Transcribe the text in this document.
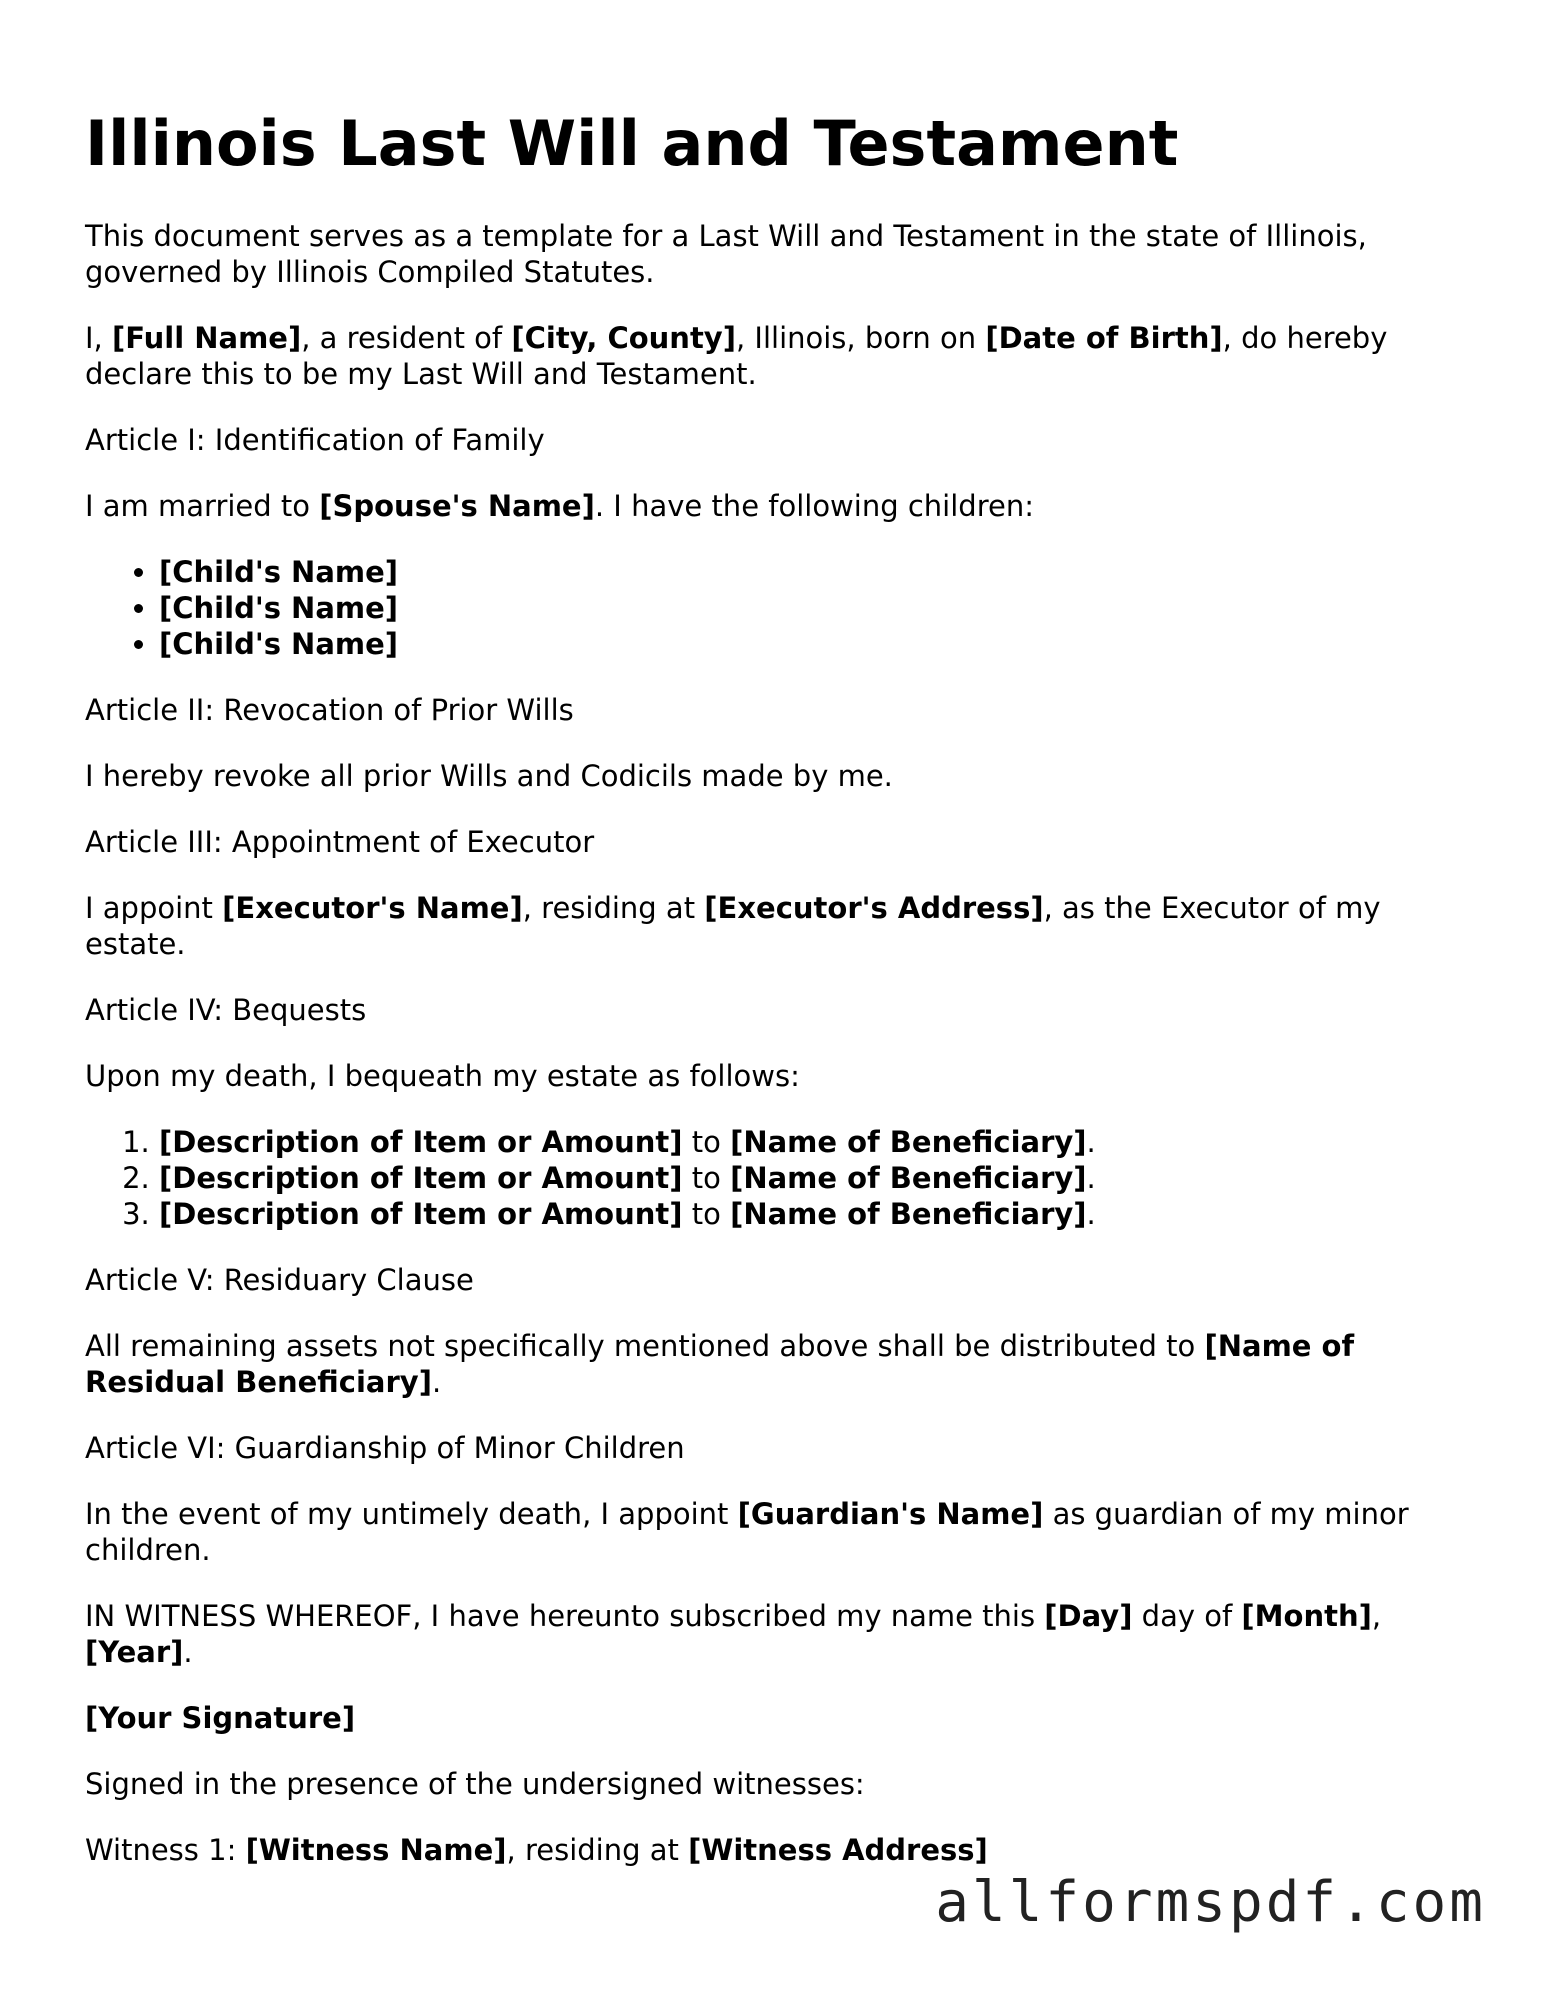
Illinois Last Will and Testament

This document serves as a template for a Last Will and Testament in the state of Illinois, governed by Illinois Compiled Statutes.

I, [Full Name], a resident of [City, County], Illinois, born on [Date of Birth], do hereby declare this to be my Last Will and Testament.

Article I: Identification of Family

I am married to [Spouse's Name]. I have the following children:

• [Child's Name]
• [Child's Name]
• [Child's Name]

Article II: Revocation of Prior Wills

I hereby revoke all prior Wills and Codicils made by me.

Article III: Appointment of Executor

I appoint [Executor's Name], residing at [Executor's Address], as the Executor of my estate.

Article IV: Bequests

Upon my death, I bequeath my estate as follows:

1. [Description of Item or Amount] to [Name of Beneficiary].
2. [Description of Item or Amount] to [Name of Beneficiary].
3. [Description of Item or Amount] to [Name of Beneficiary].

Article V: Residuary Clause

All remaining assets not specifically mentioned above shall be distributed to [Name of Residual Beneficiary].

Article VI: Guardianship of Minor Children

In the event of my untimely death, I appoint [Guardian's Name] as guardian of my minor children.

IN WITNESS WHEREOF, I have hereunto subscribed my name this [Day] day of [Month], [Year].

[Your Signature]

Signed in the presence of the undersigned witnesses:

Witness 1: [Witness Name], residing at [Witness Address]

allformspdf.com
